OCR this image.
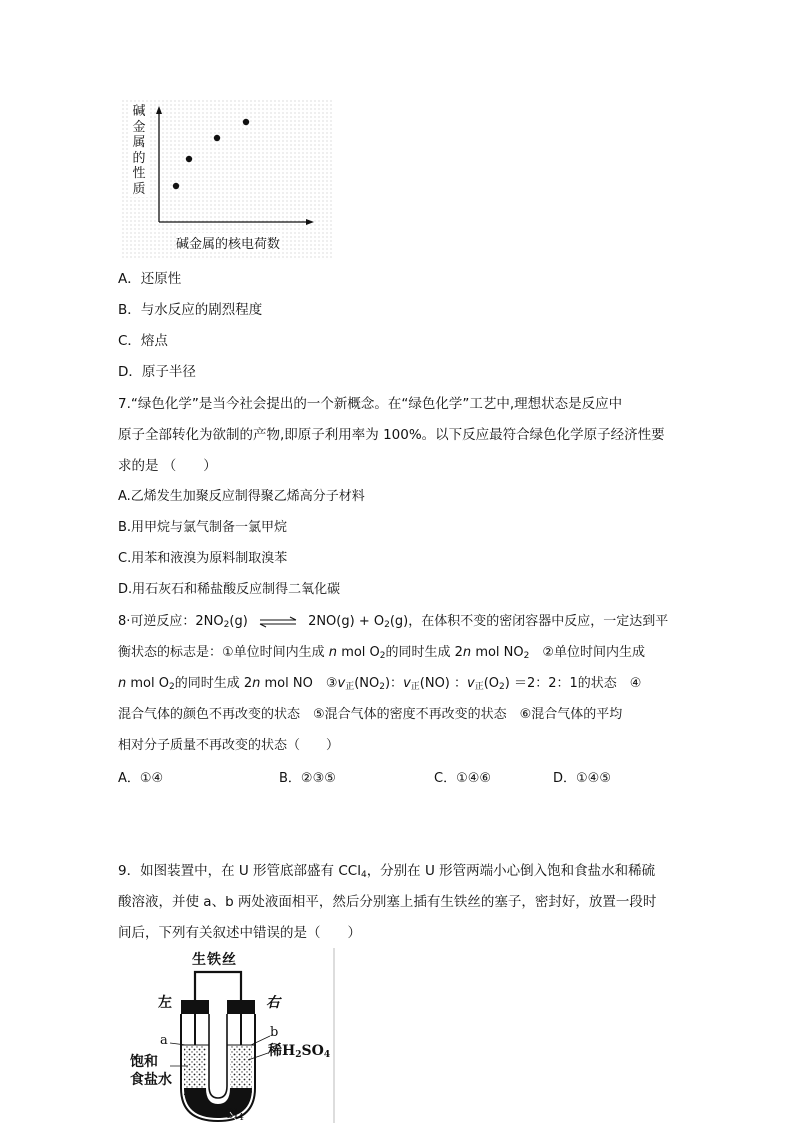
碱金属的性质
碱金属的核电荷数
A．还原性
B．与水反应的剧烈程度
C．熔点
D．原子半径
7.“绿色化学”是当今社会提出的一个新概念。在“绿色化学”工艺中,理想状态是反应中
原子全部转化为欲制的产物,即原子利用率为 100%。以下反应最符合绿色化学原子经济性要
求的是 （　　）
A.乙烯发生加聚反应制得聚乙烯高分子材料
B.用甲烷与氯气制备一氯甲烷
C.用苯和液溴为原料制取溴苯
D.用石灰石和稀盐酸反应制得二氧化碳
8·可逆反应：$2NO_2(g)$ ⇌ $2NO(g) + O_2(g)$，在体积不变的密闭容器中反应，一定达到平
衡状态的标志是：①单位时间内生成 n mol $O_2$的同时生成 2n mol $NO_2$　 ②单位时间内生成
n mol $O_2$的同时生成 2n mol NO　$③v_正(NO_2)$：$v_正(NO)$ ：$v_正(O_2) =2$：2：1的状态　④
混合气体的颜色不再改变的状态　⑤混合气体的密度不再改变的状态　⑥混合气体的平均
相对分子质量不再改变的状态（　　）
A．①④	B．②③⑤	C．①④⑥	D．①④⑤
9．如图装置中，在 U 形管底部盛有 CCl$_4$，分别在 U 形管两端小心倒入饱和食盐水和稀硫
酸溶液，并使 a、b 两处液面相平，然后分别塞上插有生铁丝的塞子，密封好，放置一段时
间后，下列有关叙述中错误的是（　　）
生铁丝
左	右
a
b
饱和
食盐水
稀$H_2SO_4$
CCl$_4$
